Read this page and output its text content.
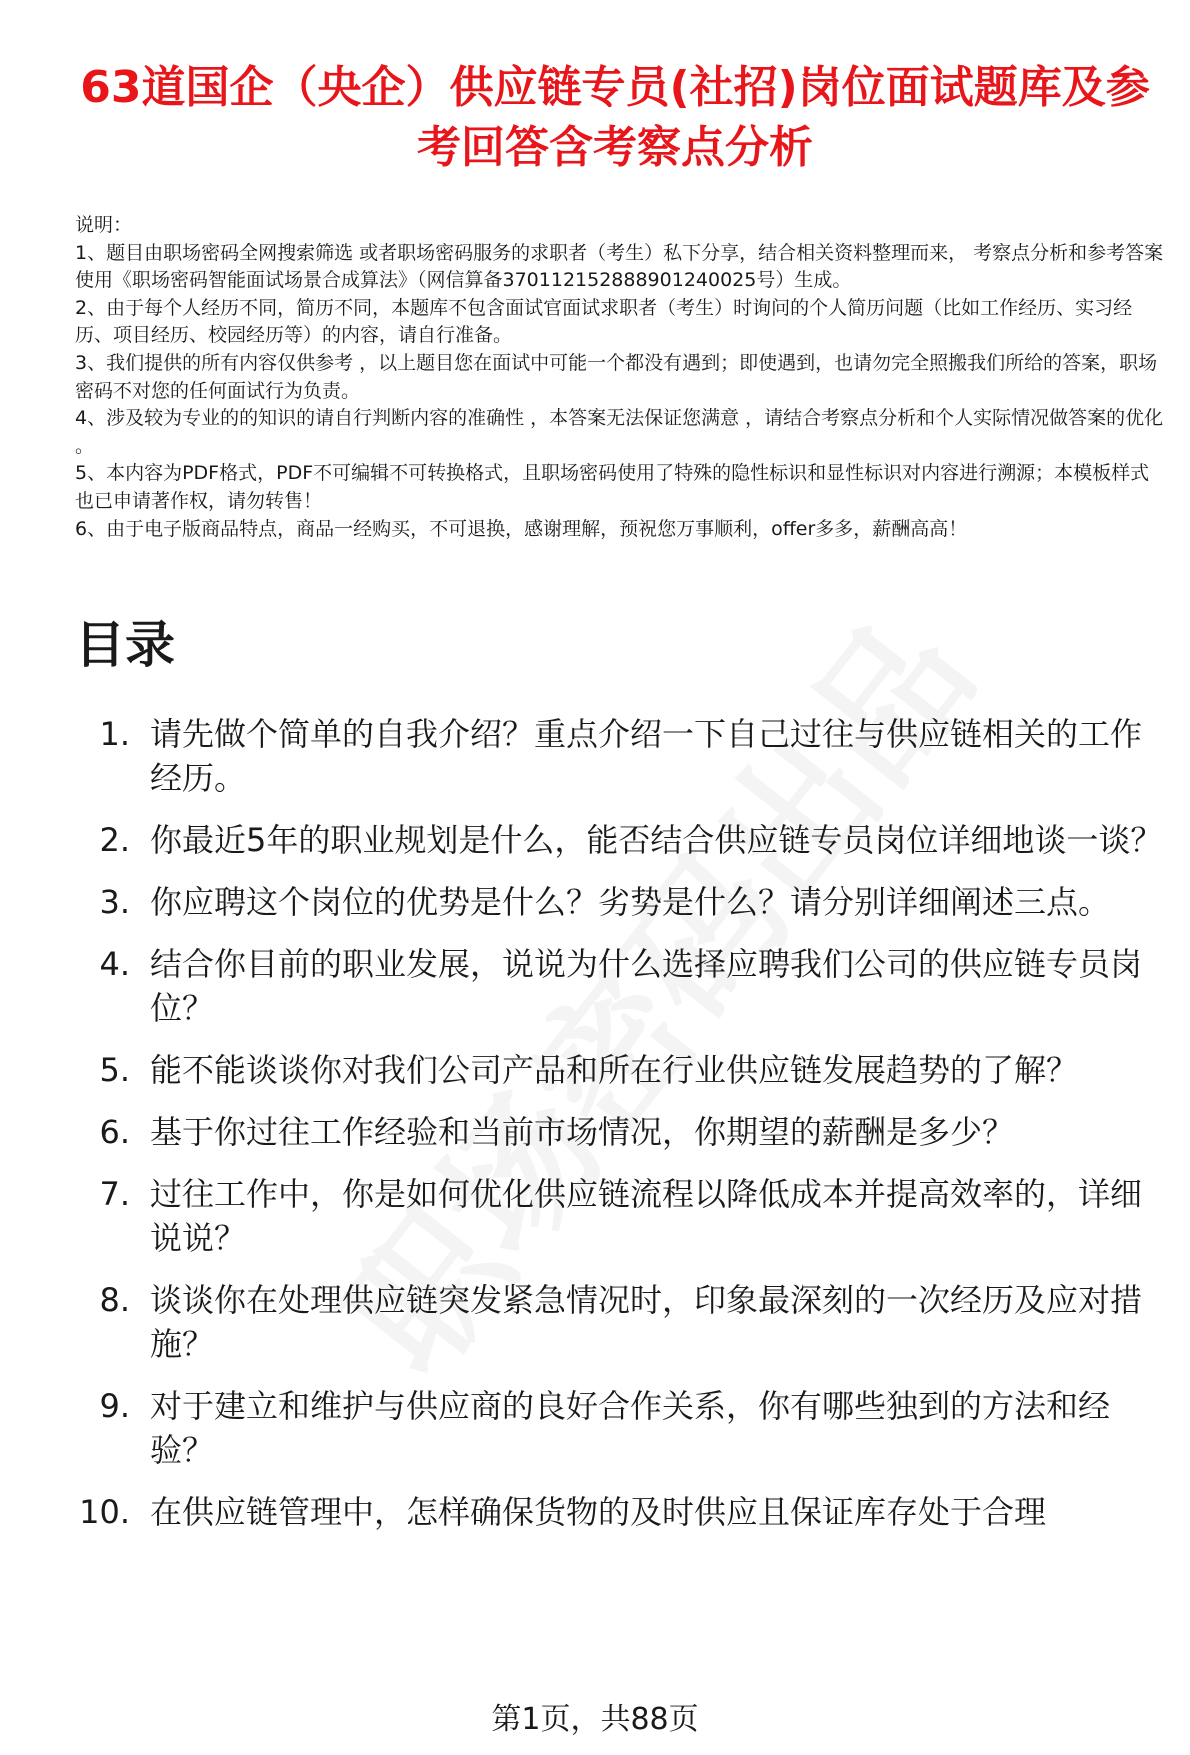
63道国企（央企）供应链专员(社招)岗位面试题库及参考回答含考察点分析

说明：

1、题目由职场密码全网搜索筛选 或者职场密码服务的求职者（考生）私下分享，结合相关资料整理而来， 考察点分析和参考答案使用《职场密码智能面试场景合成算法》（网信算备370112152888901240025号）生成。

2、由于每个人经历不同，简历不同，本题库不包含面试官面试求职者（考生）时询问的个人简历问题（比如工作经历、实习经历、项目经历、校园经历等）的内容，请自行准备。

3、我们提供的所有内容仅供参考 ，以上题目您在面试中可能一个都没有遇到；即使遇到，也请勿完全照搬我们所给的答案，职场密码不对您的任何面试行为负责。

4、涉及较为专业的的知识的请自行判断内容的准确性 ，本答案无法保证您满意 ，请结合考察点分析和个人实际情况做答案的优化 。

5、本内容为PDF格式，PDF不可编辑不可转换格式，且职场密码使用了特殊的隐性标识和显性标识对内容进行溯源；本模板样式也已申请著作权，请勿转售！

6、由于电子版商品特点，商品一经购买，不可退换，感谢理解，预祝您万事顺利，offer多多，薪酬高高！

目录
1. 请先做个简单的自我介绍？重点介绍一下自己过往与供应链相关的工作经历。
2. 你最近5年的职业规划是什么，能否结合供应链专员岗位详细地谈一谈？
3. 你应聘这个岗位的优势是什么？劣势是什么？请分别详细阐述三点。
4. 结合你目前的职业发展，说说为什么选择应聘我们公司的供应链专员岗位？
5. 能不能谈谈你对我们公司产品和所在行业供应链发展趋势的了解？
6. 基于你过往工作经验和当前市场情况，你期望的薪酬是多少？
7. 过往工作中，你是如何优化供应链流程以降低成本并提高效率的，详细说说？
8. 谈谈你在处理供应链突发紧急情况时，印象最深刻的一次经历及应对措施？
9. 对于建立和维护与供应商的良好合作关系，你有哪些独到的方法和经验？
10. 在供应链管理中，怎样确保货物的及时供应且保证库存处于合理
第1页，共88页
